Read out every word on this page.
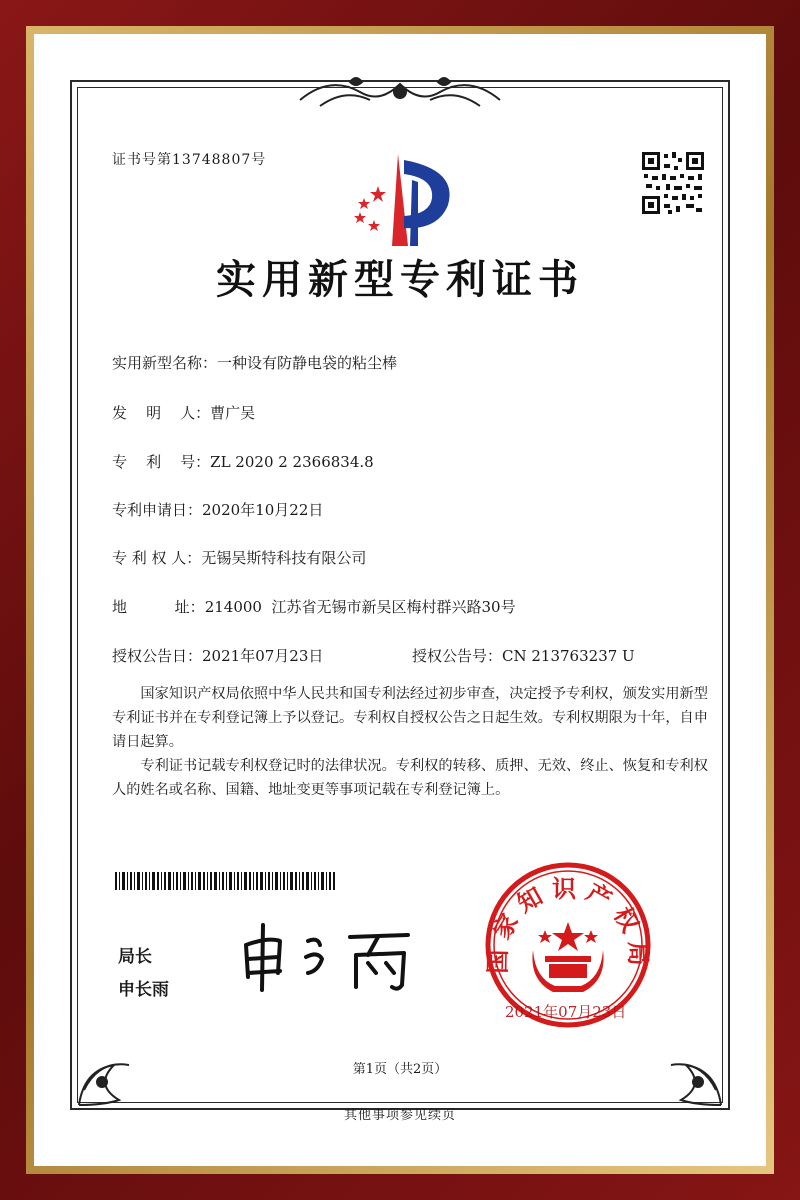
证书号第13748807号
实用新型专利证书
实用新型名称：一种设有防静电袋的粘尘棒
发    明    人：曹广吴
专    利    号：ZL 2020 2 2366834.8
专利申请日：2020年10月22日
专 利 权 人：无锡吴斯特科技有限公司
地          址：214000  江苏省无锡市新吴区梅村群兴路30号
授权公告日：2021年07月23日	授权公告号：CN 213763237 U
国家知识产权局依照中华人民共和国专利法经过初步审查，决定授予专利权，颁发实用新型专利证书并在专利登记簿上予以登记。专利权自授权公告之日起生效。专利权期限为十年，自申请日起算。
专利证书记载专利权登记时的法律状况。专利权的转移、质押、无效、终止、恢复和专利权人的姓名或名称、国籍、地址变更等事项记载在专利登记簿上。
局长
申长雨
国家知识产权局
2021年07月23日
第1页（共2页）
其他事项参见续页
